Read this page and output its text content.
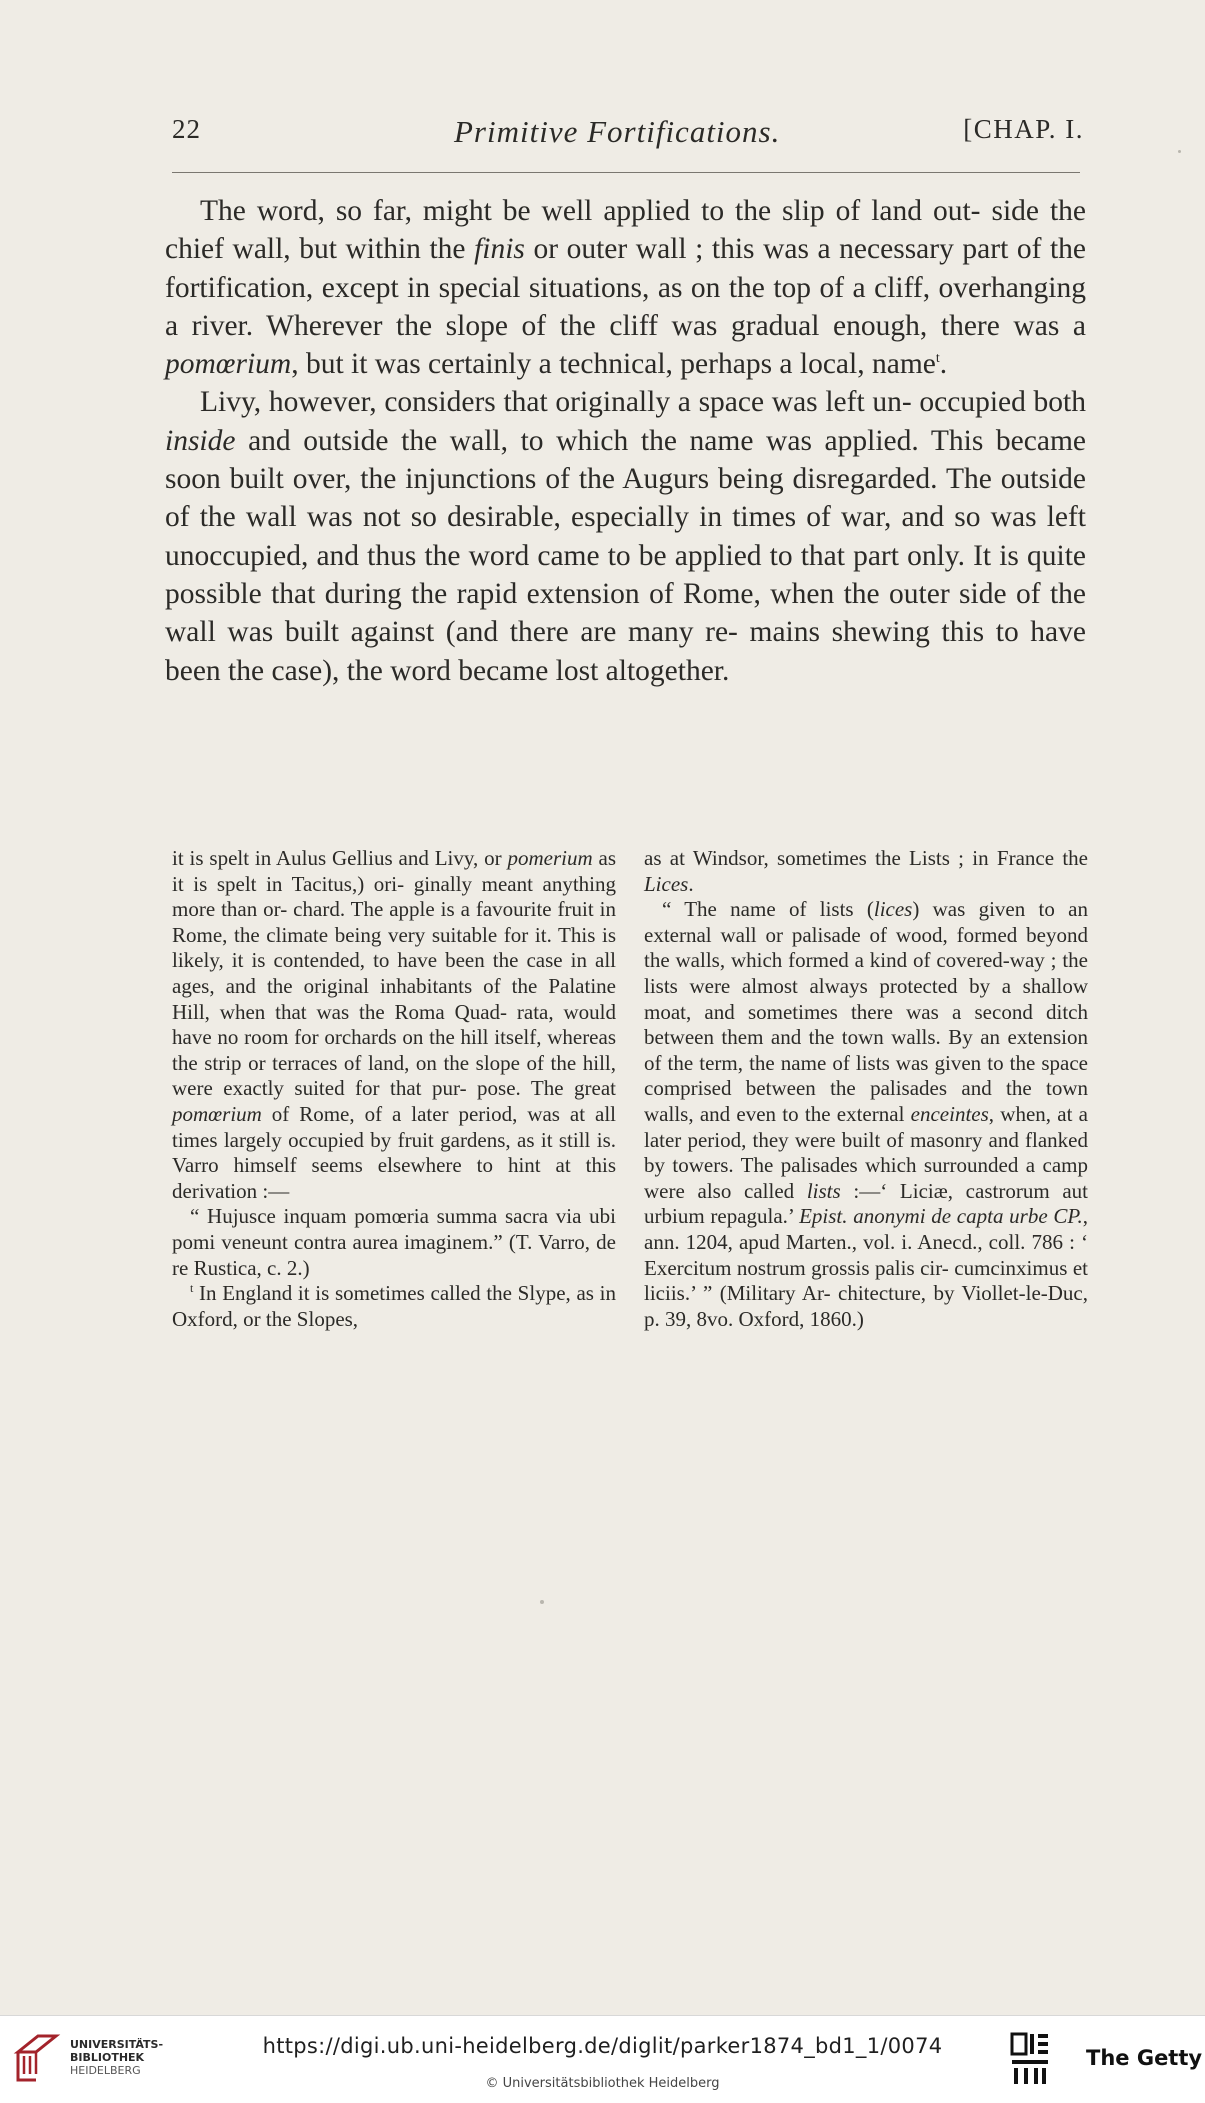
22	Primitive Fortifications.	[CHAP. I.

The word, so far, might be well applied to the slip of land out- side the chief wall, but within the finis or outer wall ; this was a necessary part of the fortification, except in special situations, as on the top of a cliff, overhanging a river. Wherever the slope of the cliff was gradual enough, there was a pomœrium, but it was certainly a technical, perhaps a local, name$^t$.

Livy, however, considers that originally a space was left un- occupied both inside and outside the wall, to which the name was applied. This became soon built over, the injunctions of the Augurs being disregarded. The outside of the wall was not so desirable, especially in times of war, and so was left unoccupied, and thus the word came to be applied to that part only. It is quite possible that during the rapid extension of Rome, when the outer side of the wall was built against (and there are many re- mains shewing this to have been the case), the word became lost altogether.

it is spelt in Aulus Gellius and Livy, or pomerium as it is spelt in Tacitus,) ori- ginally meant anything more than or- chard. The apple is a favourite fruit in Rome, the climate being very suitable for it. This is likely, it is contended, to have been the case in all ages, and the original inhabitants of the Palatine Hill, when that was the Roma Quad- rata, would have no room for orchards on the hill itself, whereas the strip or terraces of land, on the slope of the hill, were exactly suited for that pur- pose. The great pomœrium of Rome, of a later period, was at all times largely occupied by fruit gardens, as it still is. Varro himself seems elsewhere to hint at this derivation :—

“ Hujusce inquam pomœria summa sacra via ubi pomi veneunt contra aurea imaginem.” (T. Varro, de re Rustica, c. 2.)

$^t$ In England it is sometimes called the Slype, as in Oxford, or the Slopes,

as at Windsor, sometimes the Lists ; in France the Lices.

“ The name of lists (lices) was given to an external wall or palisade of wood, formed beyond the walls, which formed a kind of covered-way ; the lists were almost always protected by a shallow moat, and sometimes there was a second ditch between them and the town walls. By an extension of the term, the name of lists was given to the space comprised between the palisades and the town walls, and even to the external enceintes, when, at a later period, they were built of masonry and flanked by towers. The palisades which surrounded a camp were also called lists :—‘ Liciæ, castrorum aut urbium repagula.’ Epist. anonymi de capta urbe CP., ann. 1204, apud Marten., vol. i. Anecd., coll. 786 : ‘ Exercitum nostrum grossis palis cir- cumcinximus et liciis.’ ” (Military Ar- chitecture, by Viollet-le-Duc, p. 39, 8vo. Oxford, 1860.)

UNIVERSITÄTS-
BIBLIOTHEK
HEIDELBERG
https://digi.ub.uni-heidelberg.de/diglit/parker1874_bd1_1/0074
© Universitätsbibliothek Heidelberg
The Getty
